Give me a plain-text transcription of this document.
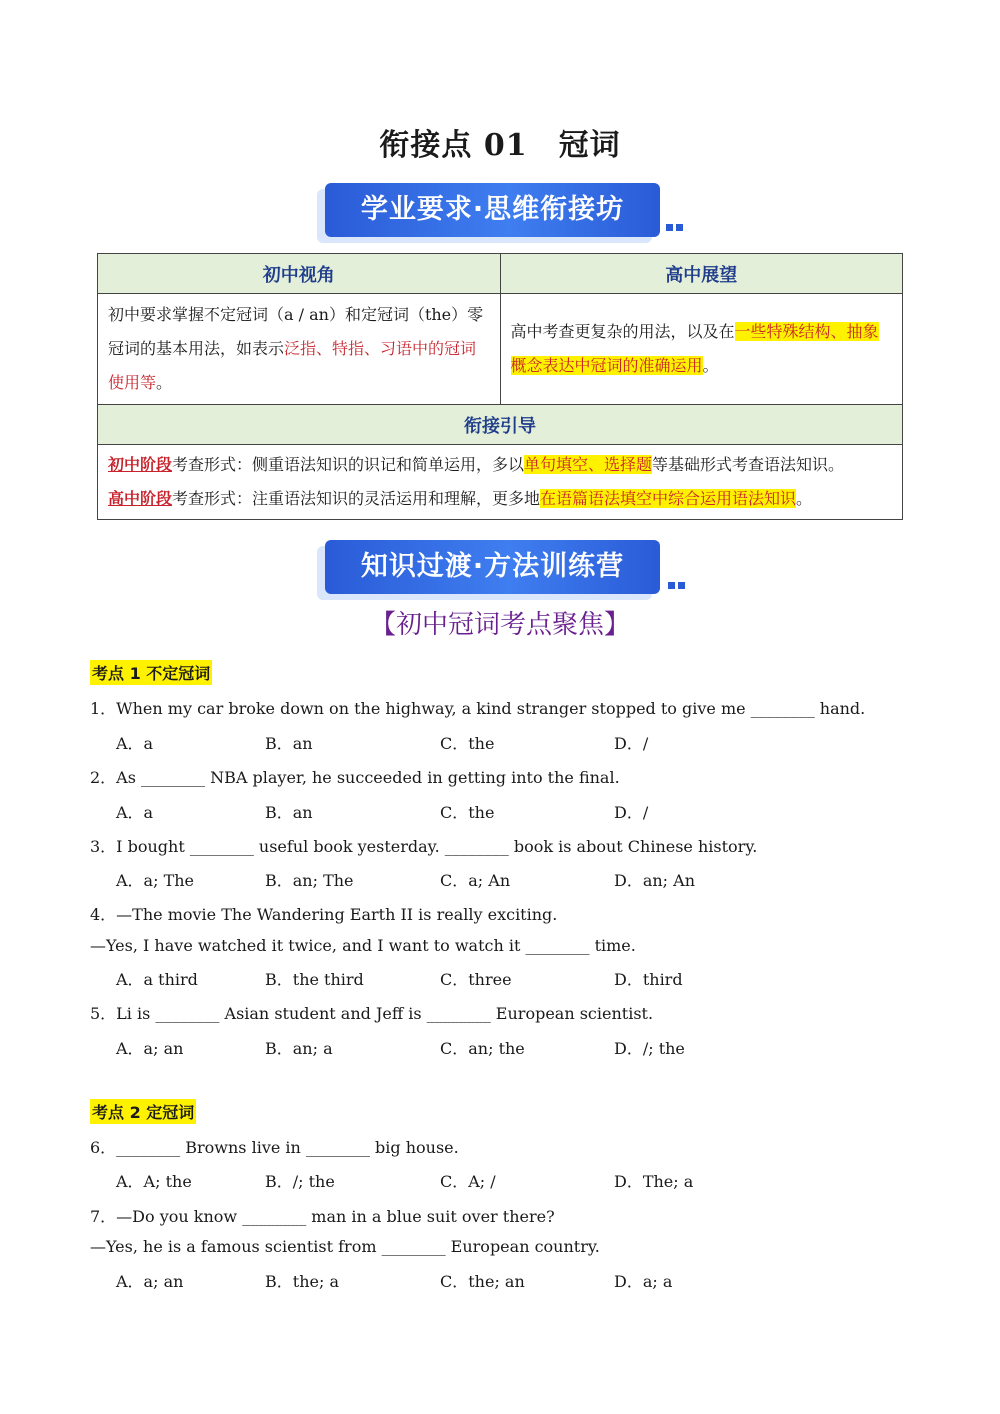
衔接点 01　冠词
学业要求·思维衔接坊
初中视角	高中展望
初中要求掌握不定冠词（a / an）和定冠词（the）零冠词的基本用法，如表示泛指、特指、习语中的冠词使用等。	高中考查更复杂的用法，以及在一些特殊结构、抽象概念表达中冠词的准确运用。
衔接引导	

初中阶段考查形式：侧重语法知识的识记和简单运用，多以单句填空、选择题等基础形式考查语法知识。
高中阶段考查形式：注重语法知识的灵活运用和理解，更多地在语篇语法填空中综合运用语法知识。	
知识过渡·方法训练营
【初中冠词考点聚焦】
考点 1 不定冠词
1．When my car broke down on the highway, a kind stranger stopped to give me ________ hand.
A．a	B．an	C．the	D．/
2．As ________ NBA player, he succeeded in getting into the final.
A．a	B．an	C．the	D．/
3．I bought ________ useful book yesterday. ________ book is about Chinese history.
A．a; The	B．an; The	C．a; An	D．an; An
4．—The movie The Wandering Earth II is really exciting.
—Yes, I have watched it twice, and I want to watch it ________ time.
A．a third	B．the third	C．three	D．third
5．Li is ________ Asian student and Jeff is ________ European scientist.
A．a; an	B．an; a	C．an; the	D．/; the
考点 2 定冠词
6．________ Browns live in ________ big house.
A．A; the	B．/; the	C．A; /	D．The; a
7．—Do you know ________ man in a blue suit over there?
—Yes, he is a famous scientist from ________ European country.
A．a; an	B．the; a	C．the; an	D．a; a
